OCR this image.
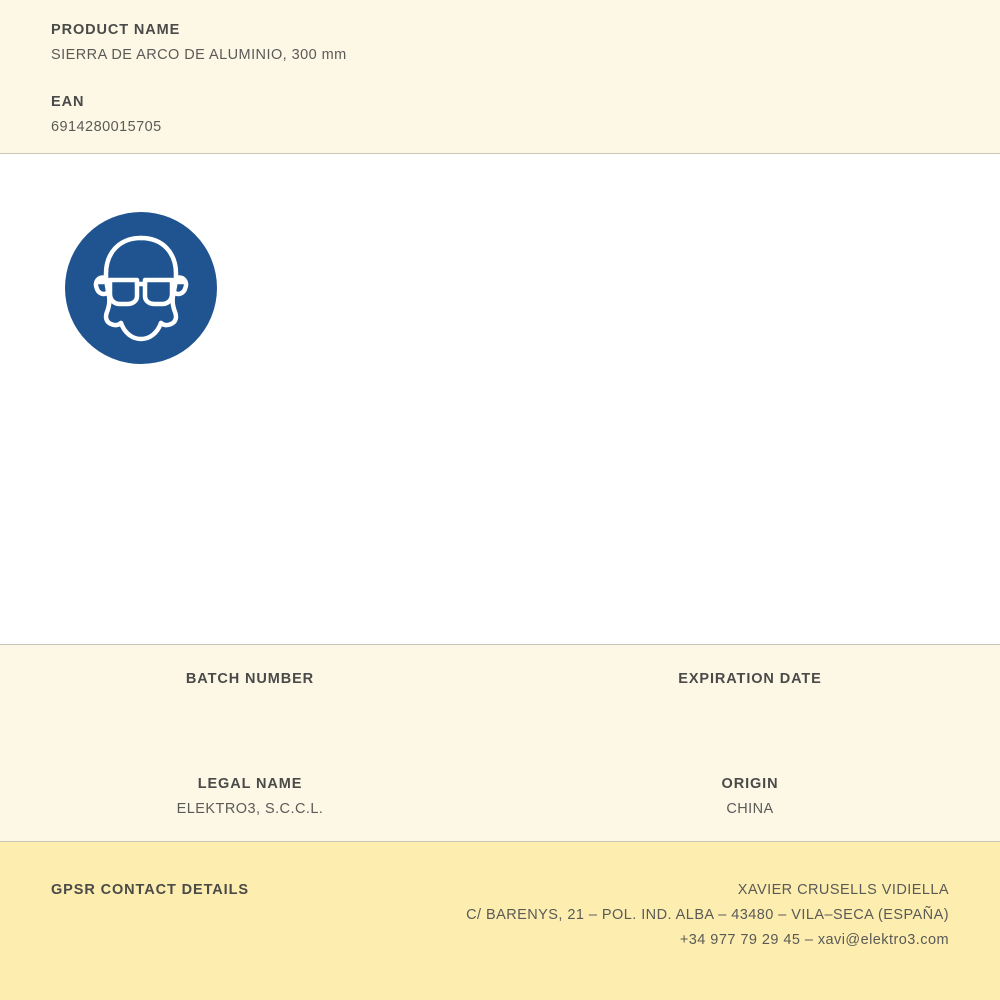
PRODUCT NAME

SIERRA DE ARCO DE ALUMINIO, 300 mm

EAN

6914280015705

BATCH NUMBER	EXPIRATION DATE

LEGAL NAME

ELEKTRO3, S.C.C.L.

ORIGIN

CHINA

GPSR CONTACT DETAILS	XAVIER CRUSELLS VIDIELLA

C/ BARENYS, 21 – POL. IND. ALBA – 43480 – VILA–SECA (ESPAÑA)

+34 977 79 29 45 – xavi@elektro3.com
